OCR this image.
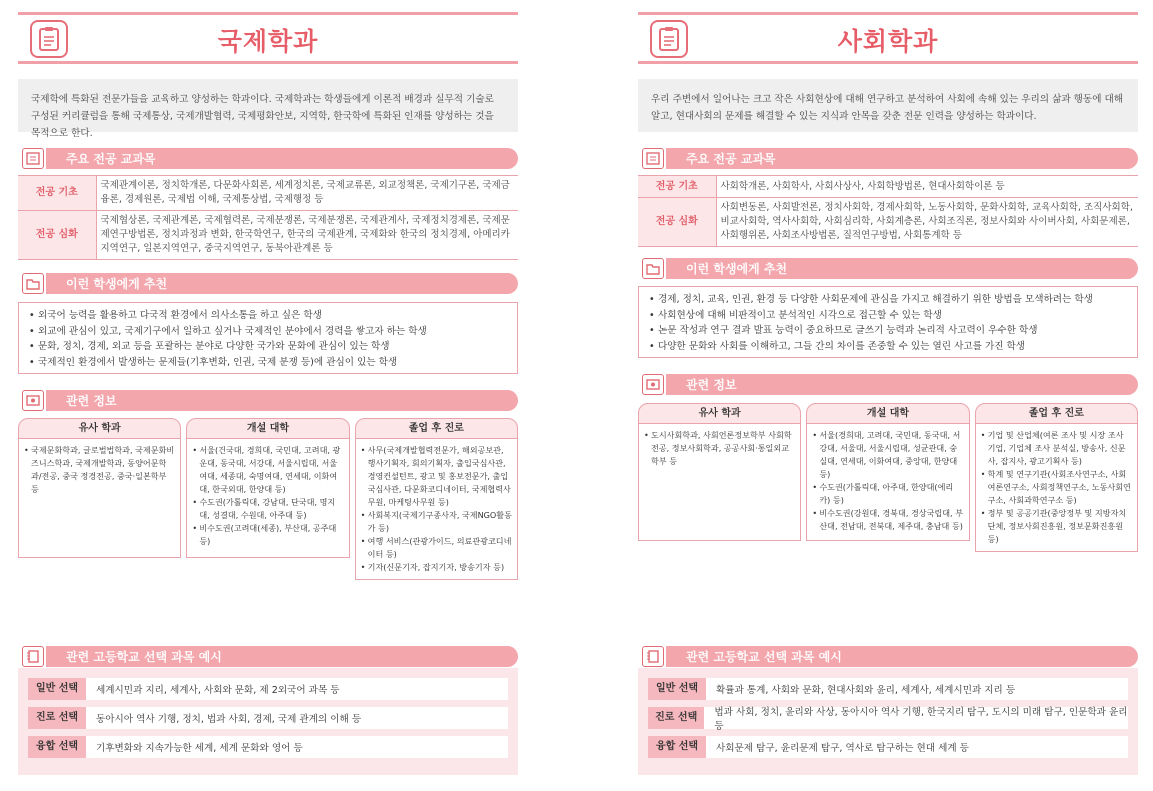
국제학과
국제학에 특화된 전문가들을 교육하고 양성하는 학과이다. 국제학과는 학생들에게 이론적 배경과 실무적 기술로 구성된 커리큘럼을 통해 국제통상, 국제개발협력, 국제평화안보, 지역학, 한국학에 특화된 인재를 양성하는 것을 목적으로 한다.
주요 전공 교과목
전공 기초	국제관계이론, 정치학개론, 다문화사회론, 세계정치론, 국제교류론, 외교정책론, 국제기구론, 국제금융론, 경제원론, 국제법 이해, 국제통상법, 국제행정 등
전공 심화	국제협상론, 국제관계론, 국제협력론, 국제분쟁론, 국제분쟁론, 국제관계사, 국제정치경제론, 국제문제연구방법론, 정치과정과 변화, 한국학연구, 한국의 국제관계, 국제화와 한국의 정치경제, 아메리카지역연구, 일본지역연구, 중국지역연구, 동북아관계론 등
이런 학생에게 추천
• 외국어 능력을 활용하고 다국적 환경에서 의사소통을 하고 싶은 학생
• 외교에 관심이 있고, 국제기구에서 일하고 싶거나 국제적인 분야에서 경력을 쌓고자 하는 학생
• 문화, 정치, 경제, 외교 등을 포괄하는 분야로 다양한 국가와 문화에 관심이 있는 학생
• 국제적인 환경에서 발생하는 문제들(기후변화, 인권, 국제 분쟁 등)에 관심이 있는 학생
관련 정보
유사 학과
• 국제문화학과, 글로벌법학과, 국제문화비즈니스학과, 국제개발학과, 동양어문학과/전공, 중국 정경전공, 중국·일본학부 등
개설 대학
• 서울(건국대, 경희대, 국민대, 고려대, 광운대, 동국대, 서강대, 서울시립대, 서울여대, 세종대, 숙명여대, 연세대, 이화여대, 한국외대, 한양대 등)
• 수도권(가톨릭대, 강남대, 단국대, 명지대, 성결대, 수원대, 아주대 등)
• 비수도권(고려대(세종), 부산대, 공주대 등)
졸업 후 진로
• 사무(국제개발협력전문가, 해외공보관, 행사기획자, 회의기획자, 출입국심사관, 경영컨설턴트, 광고 및 홍보전문가, 출입국심사관, 다문화코디네이터, 국제협력사무원, 마케팅사무원 등)
• 사회복지(국제기구종사자, 국제NGO활동가 등)
• 여행 서비스(관광가이드, 의료관광코디네이터 등)
• 기자(신문기자, 잡지기자, 방송기자 등)
관련 고등학교 선택 과목 예시
일반 선택	세계시민과 지리, 세계사, 사회와 문화, 제 2외국어 과목 등
진로 선택	동아시아 역사 기행, 정치, 법과 사회, 경제, 국제 관계의 이해 등
융합 선택	기후변화와 지속가능한 세계, 세계 문화와 영어 등
사회학과
우리 주변에서 일어나는 크고 작은 사회현상에 대해 연구하고 분석하여 사회에 속해 있는 우리의 삶과 행동에 대해 알고, 현대사회의 문제를 해결할 수 있는 지식과 안목을 갖춘 전문 인력을 양성하는 학과이다.
주요 전공 교과목
전공 기초	사회학개론, 사회학사, 사회사상사, 사회학방법론, 현대사회학이론 등
전공 심화	사회변동론, 사회발전론, 정치사회학, 경제사회학, 노동사회학, 문화사회학, 교육사회학, 조직사회학, 비교사회학, 역사사회학, 사회심리학, 사회계층론, 사회조직론, 정보사회와 사이버사회, 사회문제론, 사회행위론, 사회조사방법론, 질적연구방법, 사회통계학 등
이런 학생에게 추천
• 경제, 정치, 교육, 인권, 환경 등 다양한 사회문제에 관심을 가지고 해결하기 위한 방법을 모색하려는 학생
• 사회현상에 대해 비판적이고 분석적인 시각으로 접근할 수 있는 학생
• 논문 작성과 연구 결과 발표 능력이 중요하므로 글쓰기 능력과 논리적 사고력이 우수한 학생
• 다양한 문화와 사회를 이해하고, 그들 간의 차이를 존중할 수 있는 열린 사고를 가진 학생
관련 정보
유사 학과
• 도시사회학과, 사회언론정보학부 사회학전공, 정보사회학과, 공공사회·통일외교학부 등
개설 대학
• 서울(경희대, 고려대, 국민대, 동국대, 서강대, 서울대, 서울시립대, 성균관대, 숭실대, 연세대, 이화여대, 중앙대, 한양대 등)
• 수도권(가톨릭대, 아주대, 한양대(에리카) 등)
• 비수도권(강원대, 경북대, 경상국립대, 부산대, 전남대, 전북대, 제주대, 충남대 등)
졸업 후 진로
• 기업 및 산업체(여론 조사 및 시장 조사 기업, 기업체 조사 분석실, 방송사, 신문사, 잡지사, 광고기획사 등)
• 학계 및 연구기관(사회조사연구소, 사회여론연구소, 사회정책연구소, 노동사회연구소, 사회과학연구소 등)
• 정부 및 공공기관(중앙정부 및 지방자치단체, 정보사회진흥원, 정보문화진흥원 등)
관련 고등학교 선택 과목 예시
일반 선택	확률과 통계, 사회와 문화, 현대사회와 윤리, 세계사, 세계시민과 지리 등
진로 선택	법과 사회, 정치, 윤리와 사상, 동아시아 역사 기행, 한국지리 탐구, 도시의 미래 탐구, 인문학과 윤리 등
융합 선택	사회문제 탐구, 윤리문제 탐구, 역사로 탐구하는 현대 세계 등
